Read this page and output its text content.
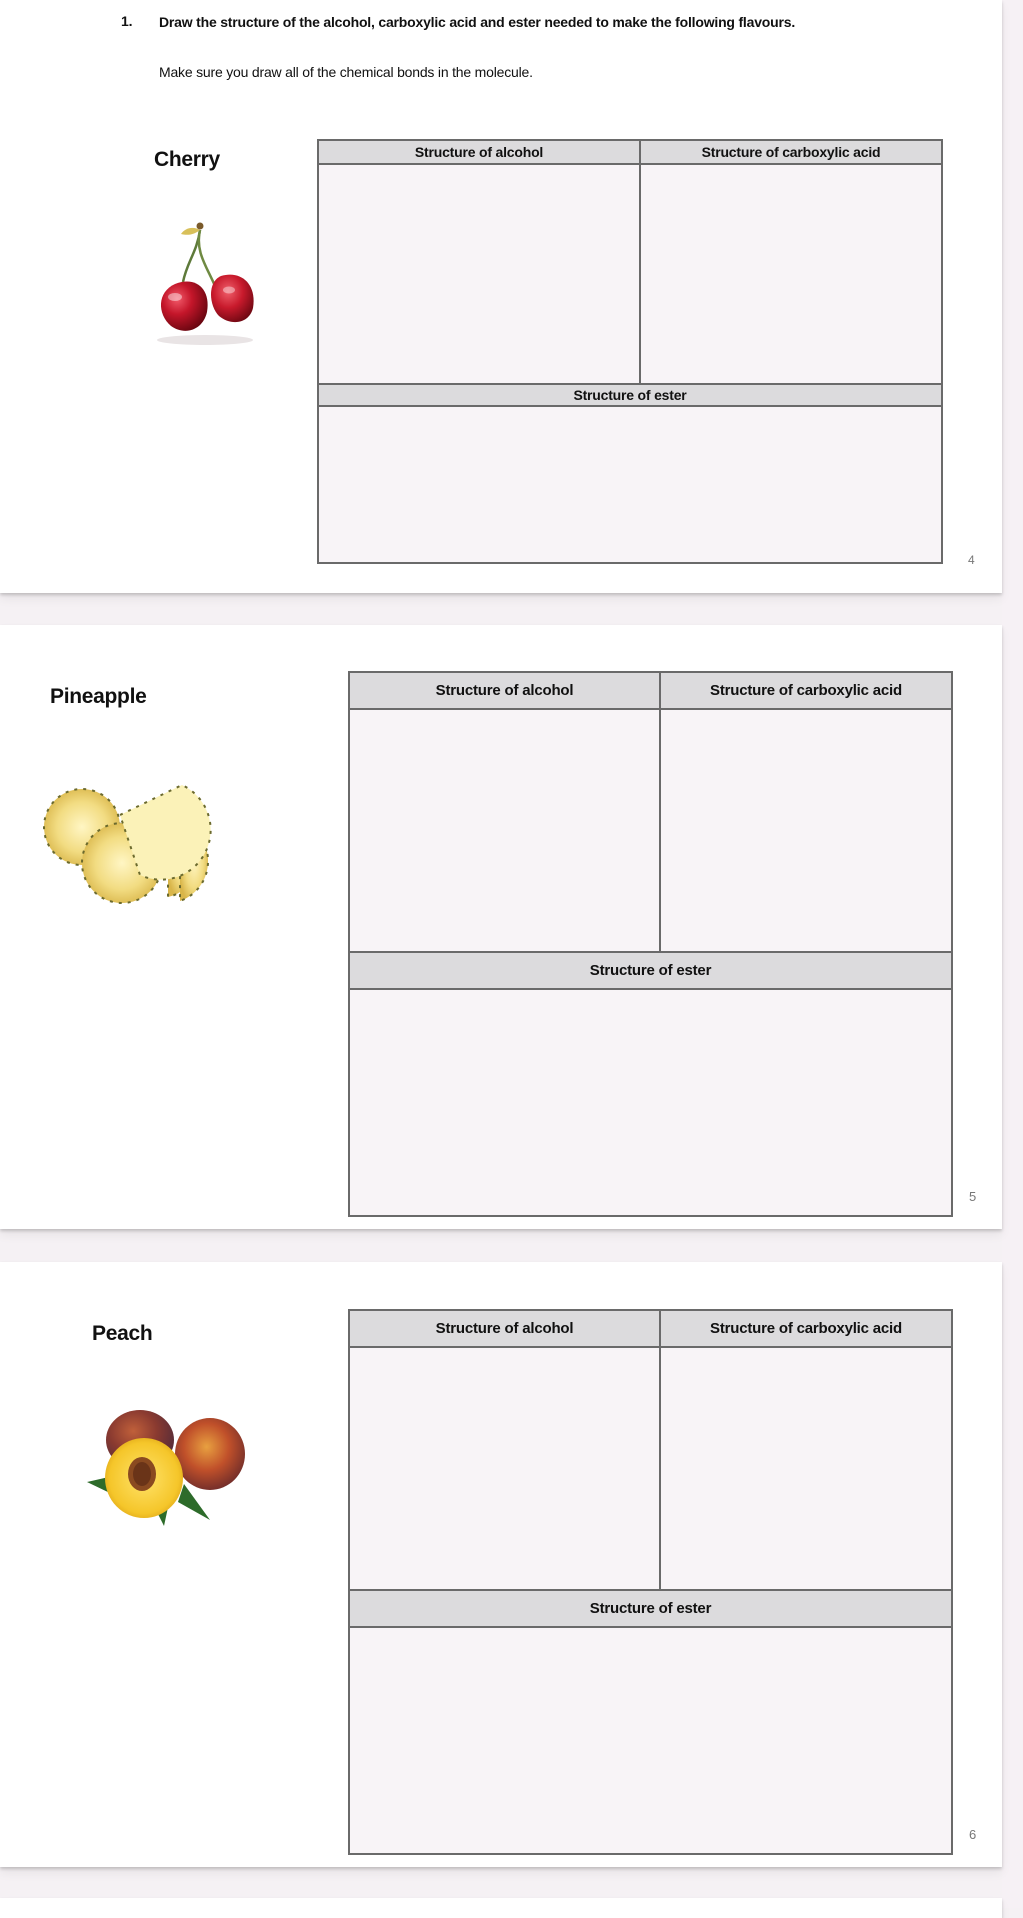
1. Draw the structure of the alcohol, carboxylic acid and ester needed to make the following flavours.
Make sure you draw all of the chemical bonds in the molecule.
Cherry	Structure of alcohol	Structure of carboxylic acid
Structure of ester
4
Pineapple	Structure of alcohol	Structure of carboxylic acid
Structure of ester
5
Peach	Structure of alcohol	Structure of carboxylic acid
Structure of ester
6
